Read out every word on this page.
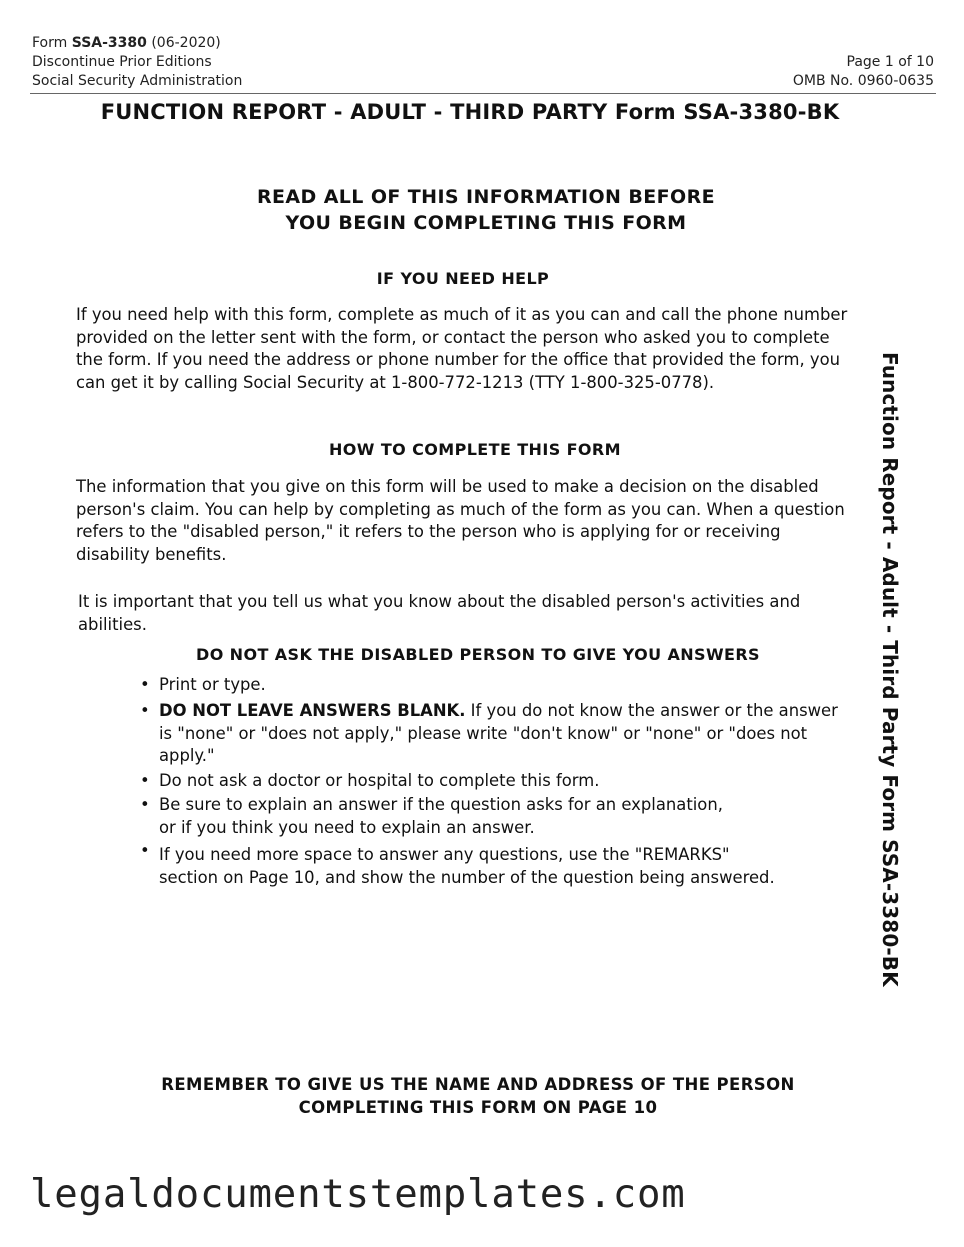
Form SSA-3380 (06-2020)
Discontinue Prior Editions
Social Security Administration
Page 1 of 10
OMB No. 0960-0635
FUNCTION REPORT - ADULT - THIRD PARTY Form SSA-3380-BK
READ ALL OF THIS INFORMATION BEFORE
YOU BEGIN COMPLETING THIS FORM
IF YOU NEED HELP
If you need help with this form, complete as much of it as you can and call the phone number provided on the letter sent with the form, or contact the person who asked you to complete the form. If you need the address or phone number for the office that provided the form, you can get it by calling Social Security at 1-800-772-1213 (TTY 1-800-325-0778).
HOW TO COMPLETE THIS FORM
The information that you give on this form will be used to make a decision on the disabled person's claim. You can help by completing as much of the form as you can. When a question refers to the "disabled person," it refers to the person who is applying for or receiving disability benefits.
It is important that you tell us what you know about the disabled person's activities and abilities.
DO NOT ASK THE DISABLED PERSON TO GIVE YOU ANSWERS
• Print or type.
• DO NOT LEAVE ANSWERS BLANK. If you do not know the answer or the answer is "none" or "does not apply," please write "don't know" or "none" or "does not apply."
• Do not ask a doctor or hospital to complete this form.
• Be sure to explain an answer if the question asks for an explanation,
or if you think you need to explain an answer.
• If you need more space to answer any questions, use the "REMARKS"
section on Page 10, and show the number of the question being answered.
REMEMBER TO GIVE US THE NAME AND ADDRESS OF THE PERSON
COMPLETING THIS FORM ON PAGE 10
Function Report - Adult - Third Party Form SSA-3380-BK
legaldocumentstemplates.com
